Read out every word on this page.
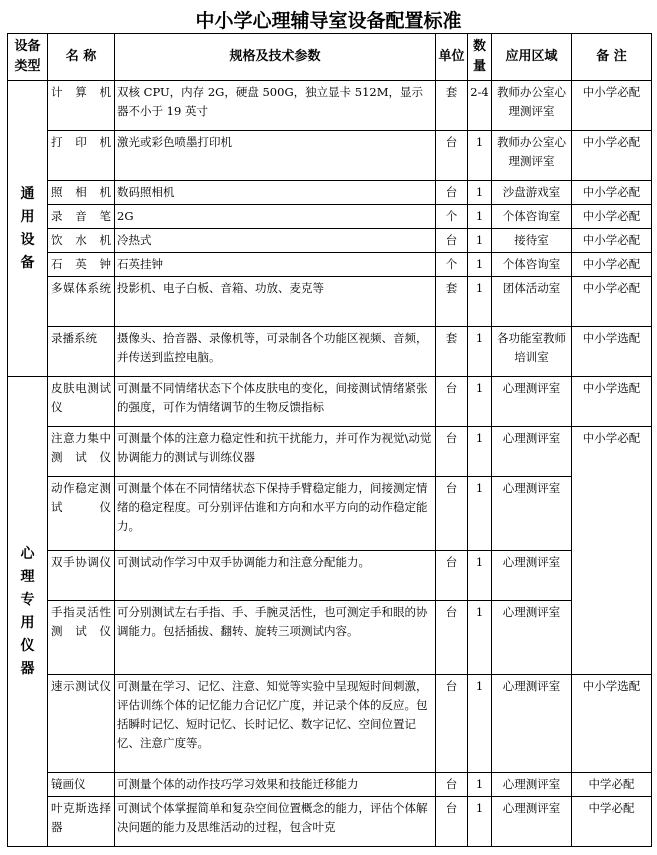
中小学心理辅导室设备配置标准
设备类型	名 称	规格及技术参数	单位	数量	应用区域	备 注
通用设备	计算机	双核 CPU，内存 2G，硬盘 500G，独立显卡 512M，显示器不小于 19 英寸	套	2-4	教师办公室心理测评室	中小学必配
	打印机	激光或彩色喷墨打印机	台	1	教师办公室心理测评室	中小学必配
	照相机	数码照相机	台	1	沙盘游戏室	中小学必配
	录音笔	2G	个	1	个体咨询室	中小学必配
	饮水机	冷热式	台	1	接待室	中小学必配
	石英钟	石英挂钟	个	1	个体咨询室	中小学必配
	多媒体系统	投影机、电子白板、音箱、功放、麦克等	套	1	团体活动室	中小学必配
	录播系统	摄像头、拾音器、录像机等，可录制各个功能区视频、音频，并传送到监控电脑。	套	1	各功能室教师培训室	中小学选配
心理专用仪器	皮肤电测试仪	可测量不同情绪状态下个体皮肤电的变化，间接测试情绪紧张的强度，可作为情绪调节的生物反馈指标	台	1	心理测评室	中小学选配
	注意力集中测试仪	可测量个体的注意力稳定性和抗干扰能力，并可作为视觉\动觉协调能力的测试与训练仪器	台	1	心理测评室	中小学必配
	动作稳定测试仪	可测量个体在不同情绪状态下保持手臂稳定能力，间接测定情绪的稳定程度。可分别评估谁和方向和水平方向的动作稳定能力。	台	1	心理测评室	
	双手协调仪	可测试动作学习中双手协调能力和注意分配能力。	台	1	心理测评室	
	手指灵活性测试仪	可分别测试左右手指、手、手腕灵活性，也可测定手和眼的协调能力。包括插拔、翻转、旋转三项测试内容。	台	1	心理测评室	
	速示测试仪	可测量在学习、记忆、注意、知觉等实验中呈现短时间刺激，评估训练个体的记忆能力合记忆广度，并记录个体的反应。包括瞬时记忆、短时记忆、长时记忆、数字记忆、空间位置记忆、注意广度等。	台	1	心理测评室	中小学选配
	镜画仪	可测量个体的动作技巧学习效果和技能迁移能力	台	1	心理测评室	中学必配
	叶克斯选择器	可测试个体掌握简单和复杂空间位置概念的能力，评估个体解决问题的能力及思维活动的过程，包含叶克	台	1	心理测评室	中学必配
